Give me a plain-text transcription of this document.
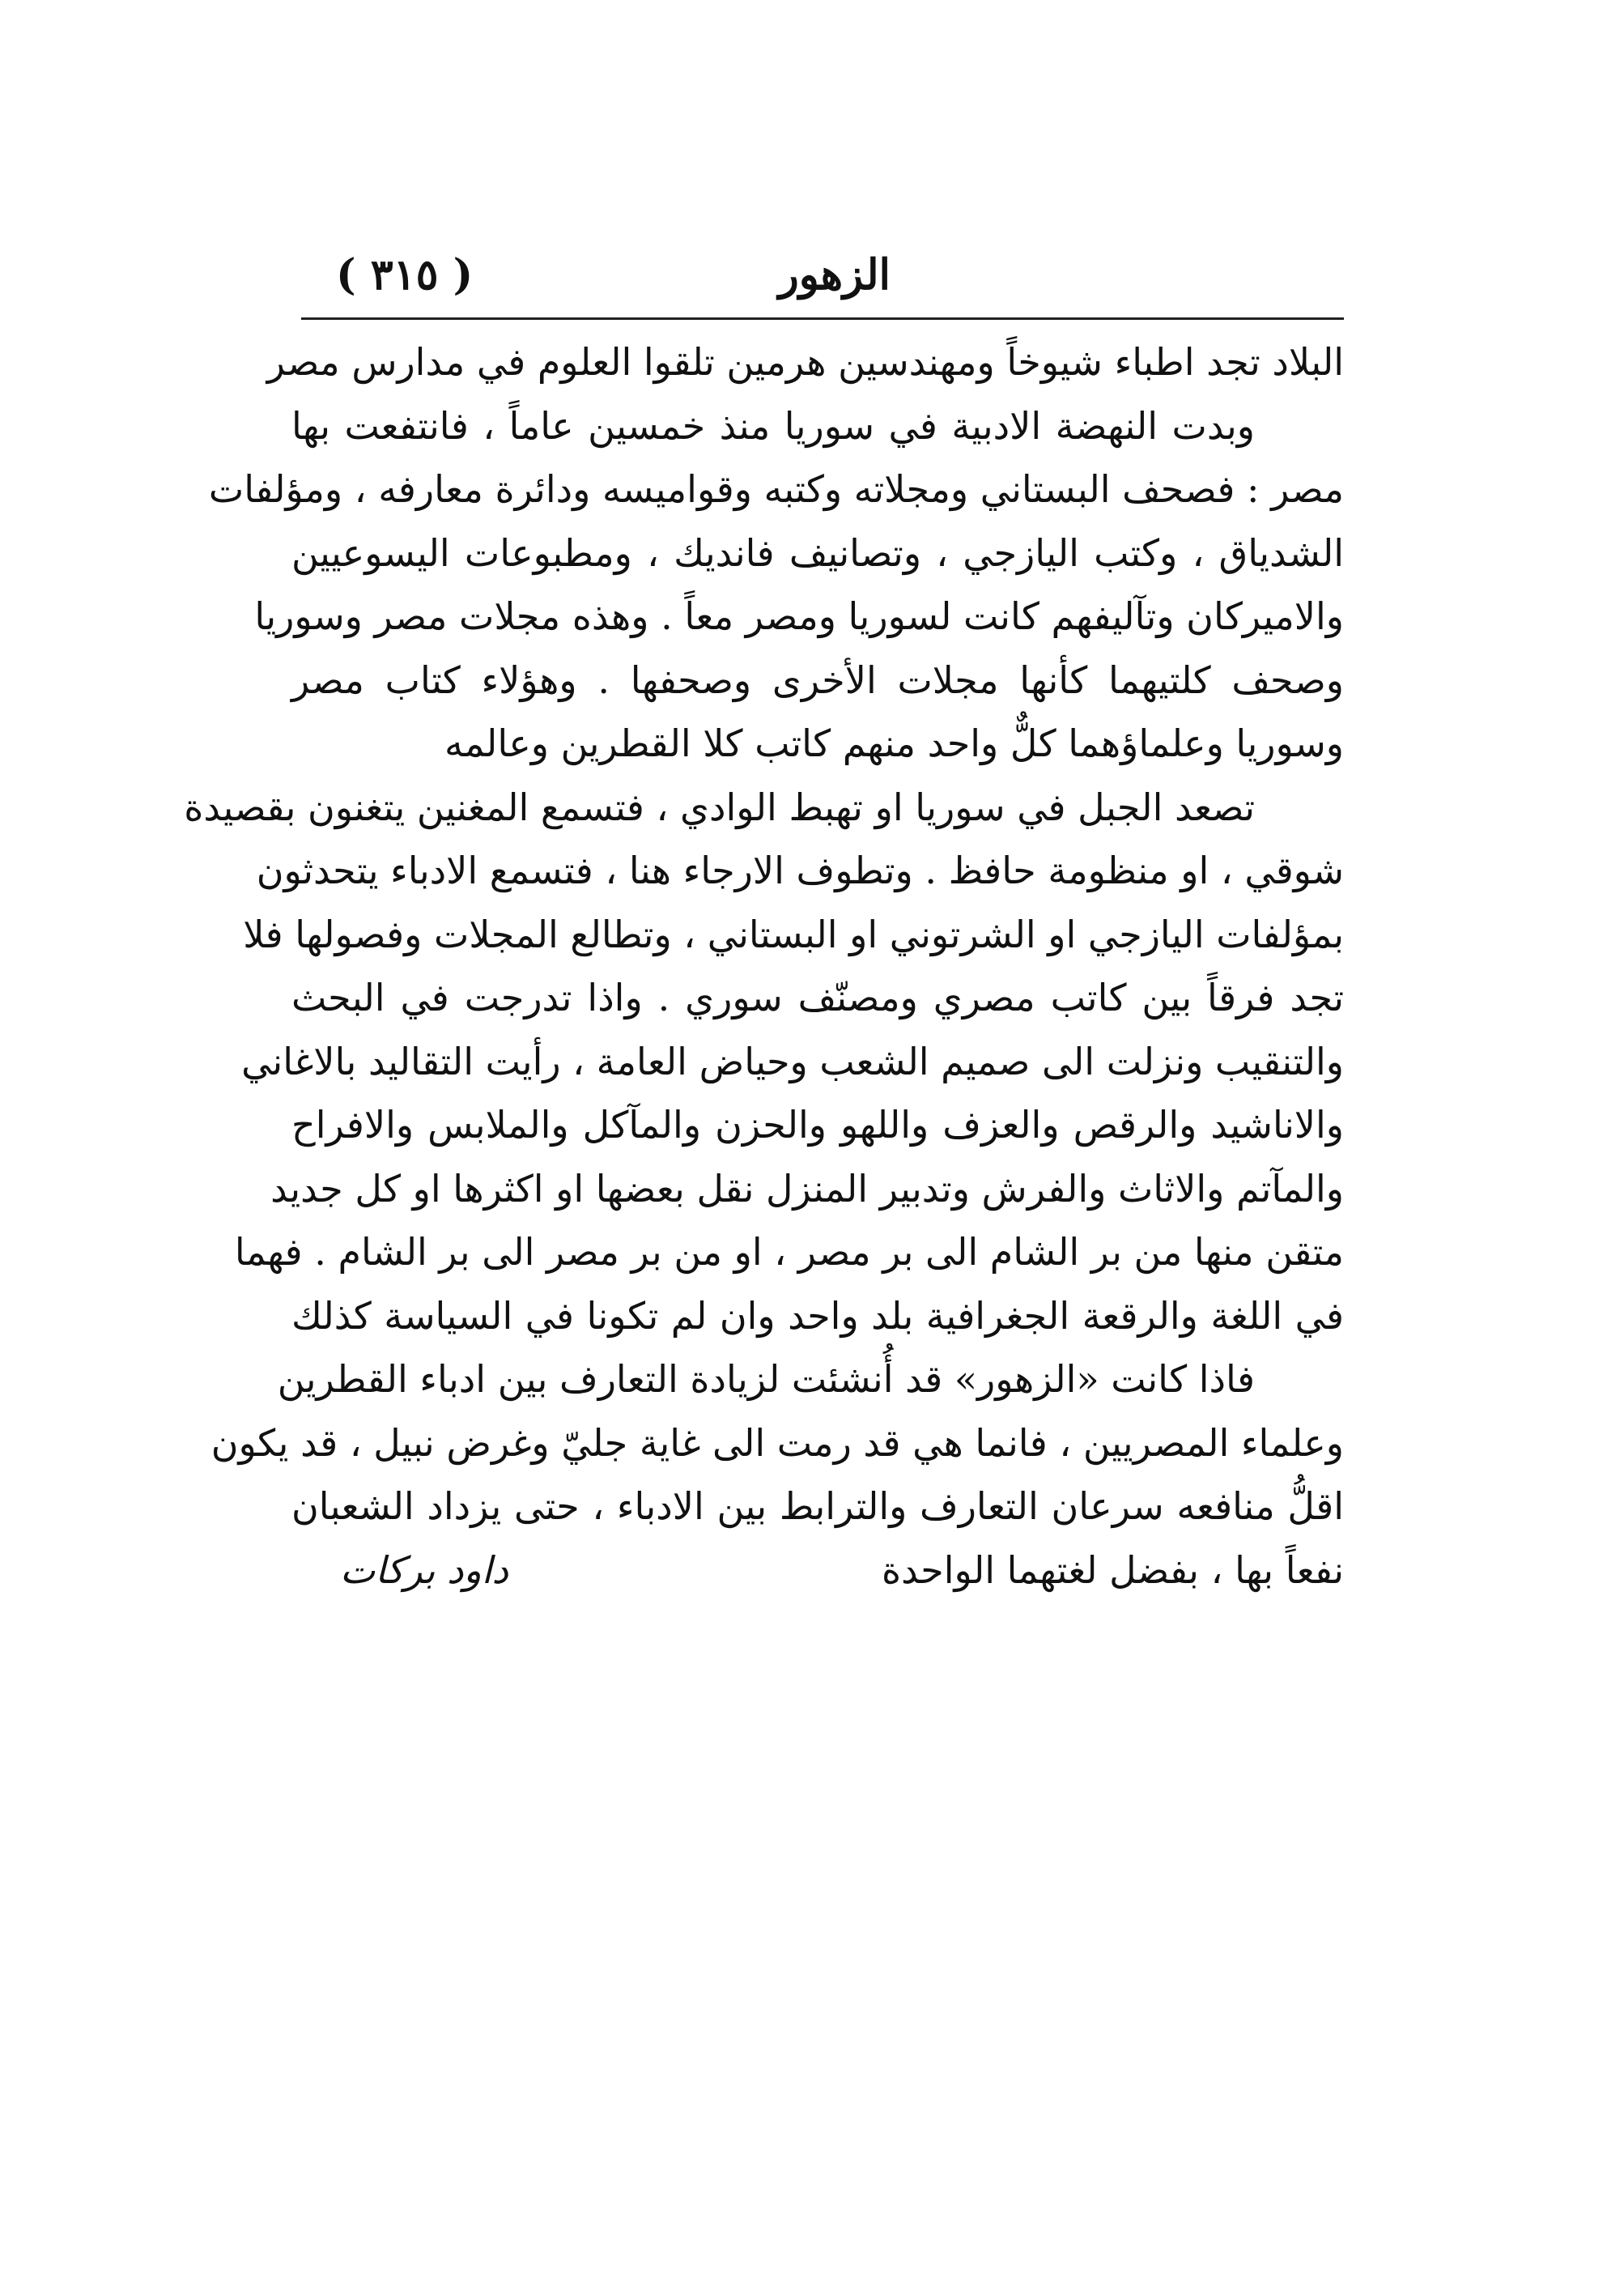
الزهور
( ٣١٥ )
البلاد تجد اطباء شيوخاً ومهندسين هرمين تلقوا العلوم في مدارس مصر
وبدت النهضة الادبية في سوريا منذ خمسين عاماً ، فانتفعت بها
مصر : فصحف البستاني ومجلاته وكتبه وقواميسه ودائرة معارفه ، ومؤلفات
الشدياق ، وكتب اليازجي ، وتصانيف فانديك ، ومطبوعات اليسوعيين
والاميركان وتآليفهم كانت لسوريا ومصر معاً . وهذه مجلات مصر وسوريا
وصحف كلتيهما كأنها مجلات الأخرى وصحفها . وهؤلاء كتاب مصر
وسوريا وعلماؤهما كلٌّ واحد منهم كاتب كلا القطرين وعالمه
تصعد الجبل في سوريا او تهبط الوادي ، فتسمع المغنين يتغنون بقصيدة
شوقي ، او منظومة حافظ . وتطوف الارجاء هنا ، فتسمع الادباء يتحدثون
بمؤلفات اليازجي او الشرتوني او البستاني ، وتطالع المجلات وفصولها فلا
تجد فرقاً بين كاتب مصري ومصنّف سوري . واذا تدرجت في البحث
والتنقيب ونزلت الى صميم الشعب وحياض العامة ، رأيت التقاليد بالاغاني
والاناشيد والرقص والعزف واللهو والحزن والمآكل والملابس والافراح
والمآتم والاثاث والفرش وتدبير المنزل نقل بعضها او اكثرها او كل جديد
متقن منها من بر الشام الى بر مصر ، او من بر مصر الى بر الشام . فهما
في اللغة والرقعة الجغرافية بلد واحد وان لم تكونا في السياسة كذلك
فاذا كانت «الزهور» قد أُنشئت لزيادة التعارف بين ادباء القطرين
وعلماء المصريين ، فانما هي قد رمت الى غاية جليّ وغرض نبيل ، قد يكون
اقلُّ منافعه سرعان التعارف والترابط بين الادباء ، حتى يزداد الشعبان
نفعاً بها ، بفضل لغتهما الواحدة
داود بركات
